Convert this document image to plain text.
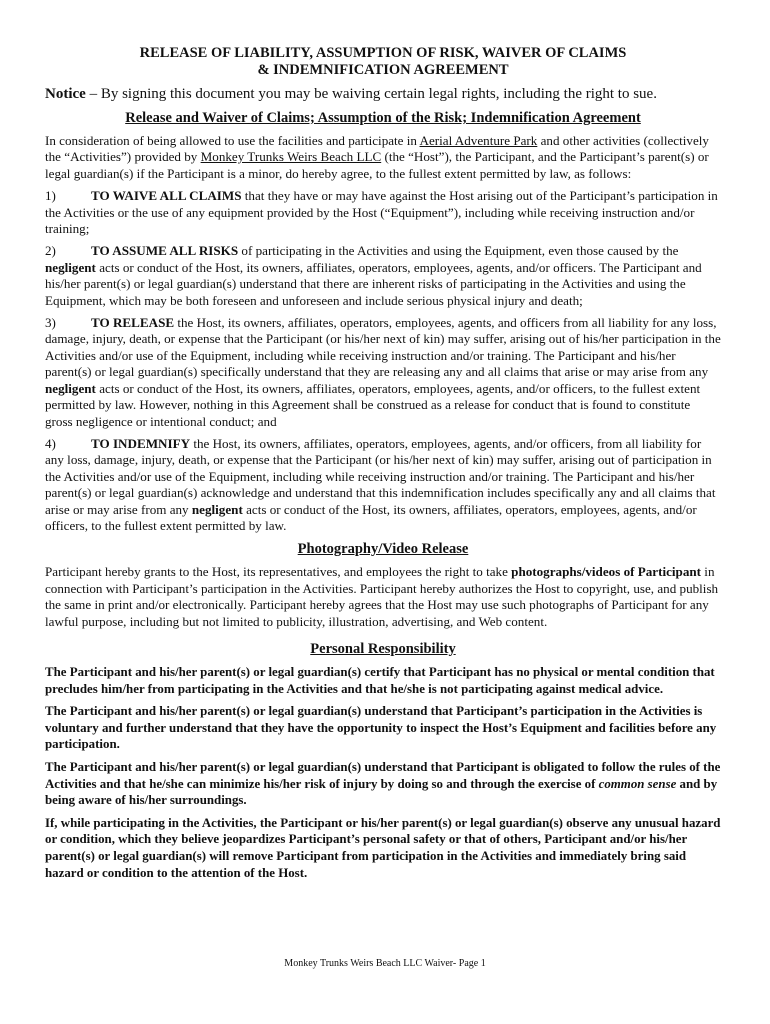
RELEASE OF LIABILITY, ASSUMPTION OF RISK, WAIVER OF CLAIMS
& INDEMNIFICATION AGREEMENT
Notice – By signing this document you may be waiving certain legal rights, including the right to sue.
Release and Waiver of Claims; Assumption of the Risk; Indemnification Agreement

In consideration of being allowed to use the facilities and participate in Aerial Adventure Park and other activities (collectively the “Activities”) provided by Monkey Trunks Weirs Beach LLC (the “Host”), the Participant, and the Participant’s parent(s) or legal guardian(s) if the Participant is a minor, do hereby agree, to the fullest extent permitted by law, as follows:

1)	TO WAIVE ALL CLAIMS that they have or may have against the Host arising out of the Participant’s participation in the Activities or the use of any equipment provided by the Host (“Equipment”), including while receiving instruction and/or training;

2)	TO ASSUME ALL RISKS of participating in the Activities and using the Equipment, even those caused by the negligent acts or conduct of the Host, its owners, affiliates, operators, employees, agents, and/or officers. The Participant and his/her parent(s) or legal guardian(s) understand that there are inherent risks of participating in the Activities and using the Equipment, which may be both foreseen and unforeseen and include serious physical injury and death;

3)	TO RELEASE the Host, its owners, affiliates, operators, employees, agents, and officers from all liability for any loss, damage, injury, death, or expense that the Participant (or his/her next of kin) may suffer, arising out of his/her participation in the Activities and/or use of the Equipment, including while receiving instruction and/or training. The Participant and his/her parent(s) or legal guardian(s) specifically understand that they are releasing any and all claims that arise or may arise from any negligent acts or conduct of the Host, its owners, affiliates, operators, employees, agents, and/or officers, to the fullest extent permitted by law. However, nothing in this Agreement shall be construed as a release for conduct that is found to constitute gross negligence or intentional conduct; and

4)	TO INDEMNIFY the Host, its owners, affiliates, operators, employees, agents, and/or officers, from all liability for any loss, damage, injury, death, or expense that the Participant (or his/her next of kin) may suffer, arising out of participation in the Activities and/or use of the Equipment, including while receiving instruction and/or training. The Participant and his/her parent(s) or legal guardian(s) acknowledge and understand that this indemnification includes specifically any and all claims that arise or may arise from any negligent acts or conduct of the Host, its owners, affiliates, operators, employees, agents, and/or officers, to the fullest extent permitted by law.

Photography/Video Release

Participant hereby grants to the Host, its representatives, and employees the right to take photographs/videos of Participant in connection with Participant’s participation in the Activities. Participant hereby authorizes the Host to copyright, use, and publish the same in print and/or electronically. Participant hereby agrees that the Host may use such photographs of Participant for any lawful purpose, including but not limited to publicity, illustration, advertising, and Web content.

Personal Responsibility

The Participant and his/her parent(s) or legal guardian(s) certify that Participant has no physical or mental condition that precludes him/her from participating in the Activities and that he/she is not participating against medical advice.

The Participant and his/her parent(s) or legal guardian(s) understand that Participant’s participation in the Activities is voluntary and further understand that they have the opportunity to inspect the Host’s Equipment and facilities before any participation.

The Participant and his/her parent(s) or legal guardian(s) understand that Participant is obligated to follow the rules of the Activities and that he/she can minimize his/her risk of injury by doing so and through the exercise of common sense and by being aware of his/her surroundings.

If, while participating in the Activities, the Participant or his/her parent(s) or legal guardian(s) observe any unusual hazard or condition, which they believe jeopardizes Participant’s personal safety or that of others, Participant and/or his/her parent(s) or legal guardian(s) will remove Participant from participation in the Activities and immediately bring said hazard or condition to the attention of the Host.

Monkey Trunks Weirs Beach LLC Waiver- Page 1
